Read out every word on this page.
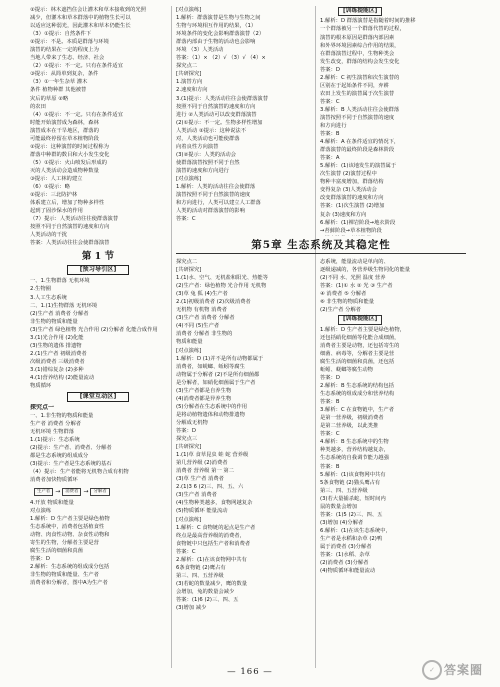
②提示：林木遮挡住会让灌木和草本接收到的光照
减少，但灌木和草本群落中的植物生长可以
以适应这种弱光，因此灌木和草本仍能生长
（3）①提示：自然条件下
②提示：不是。本质是群落与环境
演替的结果在一定的程度上为
当地人带来了生态、经济、社会
（2）①提示：不一定。只有在条件适宜
③提示：从简单到复杂，条件
（3）①一年生杂草 灌木
条件 植物种群 其他被替
灾后的草原 ②略
的农田
（4）①提示：不一定。只有在条件适宜
时能开始演替成为森林，森林
演替成本在干旱地区，群落的
可能最终停留在草本植物阶段
②提示：这种演替的时间过程称为
群落中种群的数目和大小发生变化
（5）①提示：火山喷发后形成的
灭的人类活动会造成物种数量
③提示：人工林的建立
（6）①提示：略
②提示：三北防护林
体系建立后，增加了物种多样性
起到了固沙保水的作用
（7）提示：人类活动往往使群落演替
按照不同于自然演替的速度和方向
人类活动的干扰
答案：人类活动往往会使群落演替
第 1 节
[预习导引区]
一、1.生物群落 无机环境
2.生物圈
3.人工生态系统
二、1.(1)生物群落 无机环境
(2)生产者 消费者 分解者
非生物的物质和能量
(3)生产者 绿色植物 光合作用 (2)分解者 化能合成作用
3.(1)光合作用 (2)化能
(3)生物的遗体 排遗物
2.(1)生产者 初级消费者
次级消费者 三级消费者
3.(1)错综复杂 (2)多种
4.(1)营养结构 (2)能量流动
物质循环
[课堂互动区]
探究点一
一、1.非生物的物质和能量
生产者 消费者 分解者
无机环境 生物群落
1.(1)提示：生态系统
(2)提示：生产者、消费者、分解者
都是生态系统的组成成分
(3)提示：生产者是生态系统的基石
（4）提示：生产者能将无机物合成有机物
消费者加快物质循环
生产者 →	消费者 →	分解者
4.开放 物质和能量
对点演练
1.解析：D 生产者主要是绿色植物
生态系统中，消费者包括植食性
动物、肉食性动物、杂食性动物和
寄生的生物，分解者主要是营
腐生生活的细菌和真菌
答案：D
2.解析：生态系统的组成成分包括
非生物的物质和能量、生产者
消费者和分解者，图中A为生产者
[对点演练]
1.解析：群落演替是生物与生物之间
生物与环境相互作用的结果，（1）
环境条件的变化会影响群落演替（2）
群落内部由于生物的活动也会影响
环境 （3）人类活动
答案：（1）× （2）√ （3）√ （4）×
探究点二
[共研探究]
1.演替方向
2.速度和方向
3.(1)提示：人类活动往往会使群落演替
按照不同于自然演替的速度和方向
进行 ②人类活动可以改变群落演替
(2)①提示：不一定。生物多样性增加
人类活动 ②提示：这种说法不
对，人类活动也可能使群落
向着良性方向演替
(3)②提示：人类的活动会
使群落演替按照不同于自然
演替的速度和方向进行
[对点演练]
1.解析：人类的活动往往会使群落
演替按照不同于自然演替的速度
和方向进行，人类可以建立人工群落
人类的活动对群落演替的影响
答案：C
第5章 生态系统及其稳定性
探究点二
[共研探究]
1.(1)水、空气、无机盐和阳光、热能等
(2)生产者：绿色植物 光合作用 无机物
(3)草 兔 狐 (4)生产者
2.(1)初级消费者 (2)次级消费者
无机物 有机物 消费者
(3)生产者 消费者 分解者
(4)不同 (5)生产者
消费者 分解者 非生物的
物质和能量
[对点演练]
1.解析：D (1)并不是所有动物都属于
消费者，如蜣螂、蚯蚓等腐生
动物属于分解者 (2)不是所有细菌都
是分解者，如硝化细菌属于生产者
(3)生产者都是自养生物
(4)消费者都是异养生物
(5)分解者在生态系统中的作用
是将动植物遗体和动物排遗物
分解成无机物
答案：D
探究点三
[共研探究]
1.(1)草 食草昆虫 蛙 蛇 营养级
第几营养级 (2)消费者
消费者 营养级 第一 第二
(3)草 生产者 消费者
2.(1)3 6 (2)三、四、五、六
(3)生产者 消费者
(4)生物种类越多，食物网越复杂
(5)物质循环 能量流动
[对点演练]
1.解析：C 食物链的起点是生产者
终点是最高营养级的消费者，
食物链中只包括生产者和消费者
答案：C
2.解析：(1)在该食物网中共有
6条食物链 (2)鹰占有
第三、四、五营养级
(3)若蛇的数量减少，鹰的数量
会增加，兔的数量会减少
答案：(1)6 (2)三、四、五
(3)增加 减少
[训练提能区]
1.解析：D 群落演替是指随着时间的推移
一个群落被另一个群落代替的过程，
演替的根本原因是群落内部因素
和外界环境因素综合作用的结果，
在群落演替过程中，生物种类会
发生改变，群落的结构会发生变化
答案：D
2.解析：C 初生演替和次生演替的
区别在于起始条件不同，弃耕
农田上发生的演替属于次生演替
答案：C
3.解析：B 人类活动往往会使群落
演替按照不同于自然演替的速度
和方向进行
答案：B
4.解析：A 在条件适宜的情况下，
群落演替的最终阶段是森林阶段
答案：A
5.解析：(1)该地发生的演替属于
次生演替 (2)演替过程中
物种丰富度增加，群落结构
变得复杂 (3)人类活动会
改变群落演替的速度和方向
答案：(1)次生演替 (2)增加
复杂 (3)速度和方向
6.解析：(1)裸岩阶段→地衣阶段
→苔藓阶段→草本植物阶段
态系统，能量流动是单向的、
逐级递减的，各营养级生物同化的能量
(2)不同 水、光照 温度 营养
答案：(1)① 水 ② 光 ③ 生产者
④ 消费者 ⑤ 分解者
⑥ 非生物的物质和能量
(2)生产者 分解者
[训练提能区]
1.解析：D 生产者主要是绿色植物，
还包括硝化细菌等化能合成细菌，
消费者主要是动物，还包括寄生的
细菌、病毒等，分解者主要是营
腐生生活的细菌和真菌，还包括
蚯蚓、蜣螂等腐生动物
答案：D
2.解析：B 生态系统的结构包括
生态系统的组成成分和营养结构
答案：B
3.解析：C 在食物链中，生产者
是第一营养级，初级消费者
是第二营养级，以此类推
答案：C
4.解析：B 生态系统中的生物
种类越多，营养结构越复杂，
生态系统的自我调节能力越强
答案：B
5.解析：(1)该食物网中共有
5条食物链 (2)猫头鹰占有
第三、四、五营养级
(3)若大量捕杀蛇，短时间内
鼠的数量会增加
答案：(1)5 (2)三、四、五
(3)增加 (4)分解者
6.解析：(1)在该生态系统中，
生产者是水稻和杂草 (2)鸭
属于消费者 (3)分解者
答案：(1)水稻、杂草
(2)消费者 (3)分解者
(4)物质循环和能量流动
— 166 —	✓ 答案圈
